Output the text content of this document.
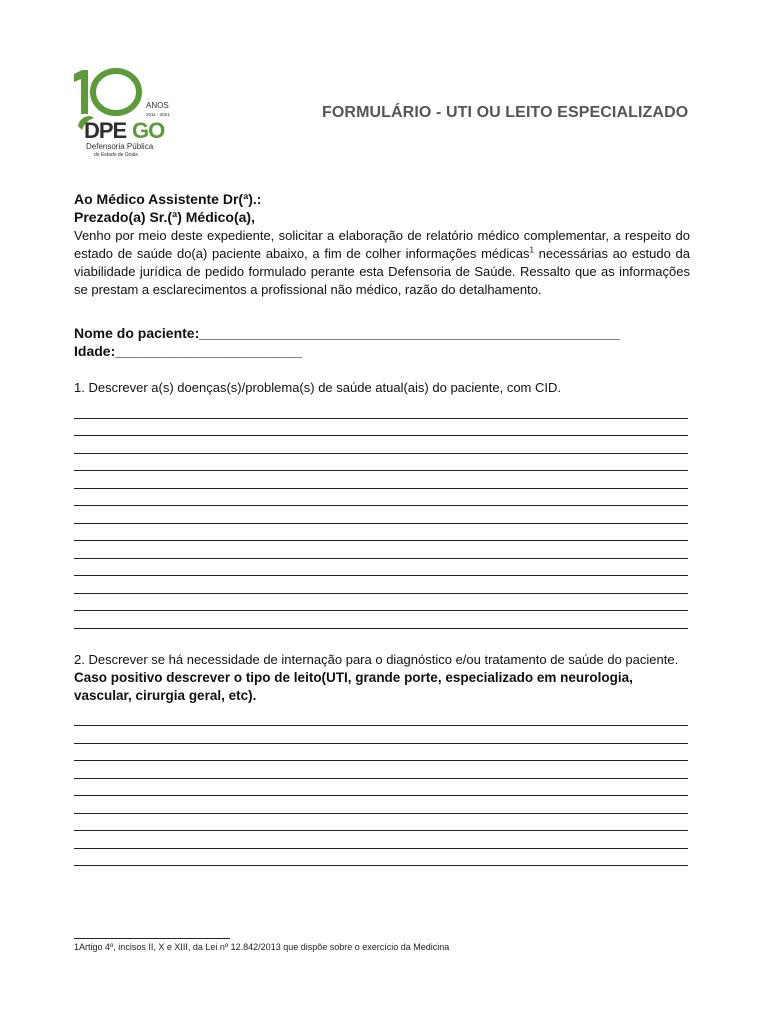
ANOS
2011 - 2021
DPE GO
Defensoria Pública
do Estado de Goiás
FORMULÁRIO - UTI OU LEITO ESPECIALIZADO
Ao Médico Assistente Dr(ª).:
Prezado(a) Sr.(ª) Médico(a),
Venho por meio deste expediente, solicitar a elaboração de relatório médico complementar, a respeito do estado de saúde do(a) paciente abaixo, a fim de colher informações médicas$^1$ necessárias ao estudo da viabilidade jurídica de pedido formulado perante esta Defensoria de Saúde. Ressalto que as informações se prestam a esclarecimentos a profissional não médico, razão do detalhamento.
Nome do paciente:______________________________________________________
Idade:________________________
1. Descrever a(s) doenças(s)/problema(s) de saúde atual(ais) do paciente, com CID.
2. Descrever se há necessidade de internação para o diagnóstico e/ou tratamento de saúde do paciente. Caso positivo descrever o tipo de leito(UTI, grande porte, especializado em neurologia, vascular, cirurgia geral, etc).
1Artigo 4º, incisos II, X e XIII, da Lei nº 12.842/2013 que dispõe sobre o exercício da Medicina
